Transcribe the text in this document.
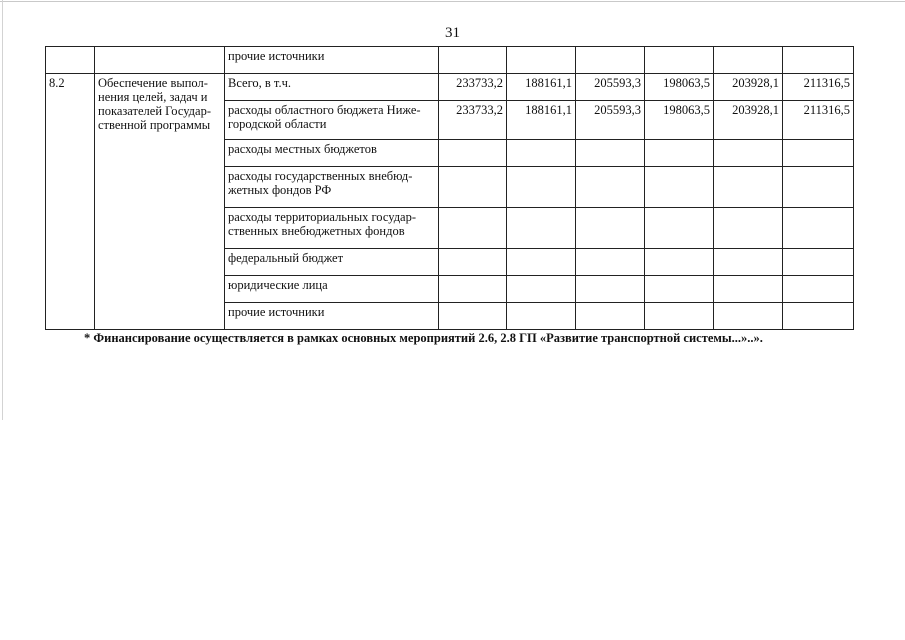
31
		прочие источники						
8.2	Обеспечение выпол-нения целей, задач и показателей Государ-ственной программы	Всего, в т.ч.	233733,2	188161,1	205593,3	198063,5	203928,1	211316,5
		расходы областного бюджета Ниже-городской области	233733,2	188161,1	205593,3	198063,5	203928,1	211316,5
		расходы местных бюджетов						
		расходы государственных внебюд-жетных фондов РФ						
		расходы территориальных государ-ственных внебюджетных фондов						
		федеральный бюджет						
		юридические лица						
		прочие источники						
* Финансирование осуществляется в рамках основных мероприятий 2.6, 2.8 ГП «Развитие транспортной системы...»..».
